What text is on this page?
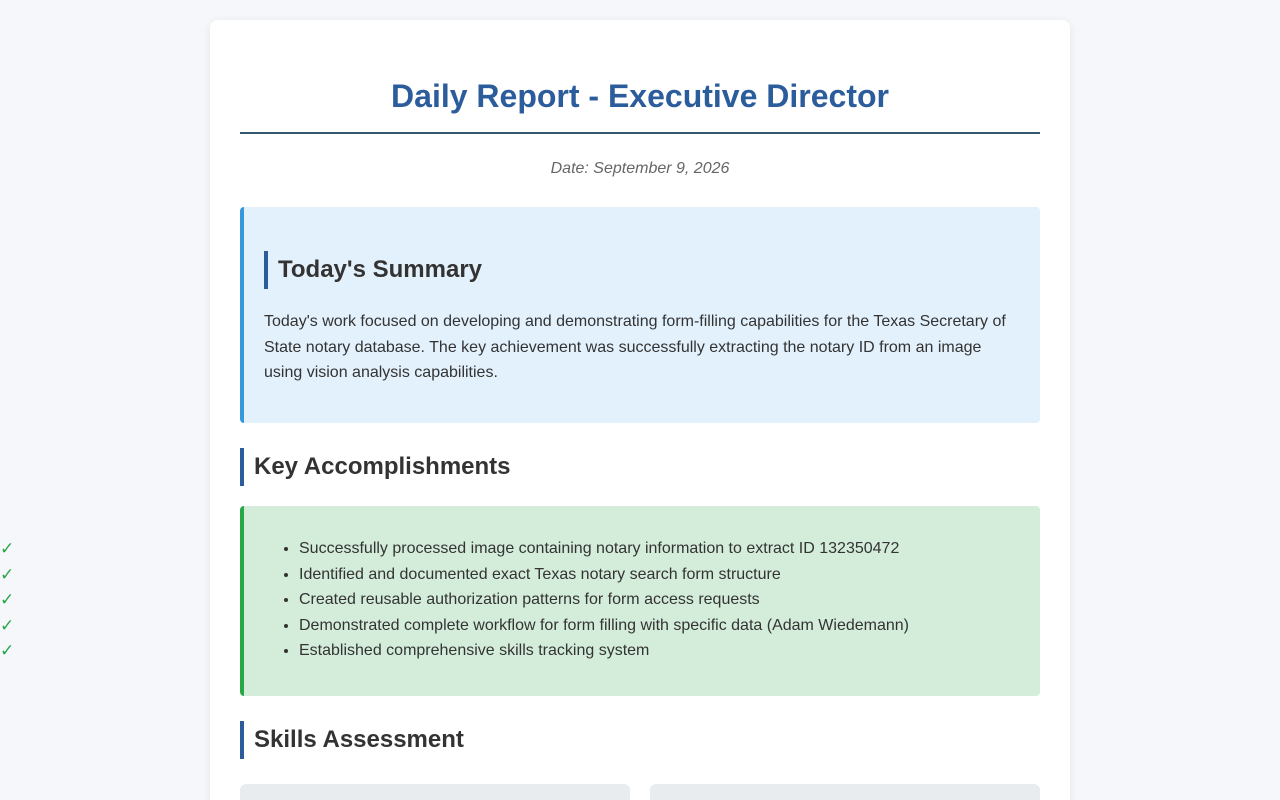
✓
✓
✓
✓
✓
Daily Report - Executive Director
Date: September 9, 2026
Today's Summary

Today's work focused on developing and demonstrating form-filling capabilities for the Texas Secretary of State notary database. The key achievement was successfully extracting the notary ID from an image using vision analysis capabilities.

Key Accomplishments
• Successfully processed image containing notary information to extract ID 132350472
• Identified and documented exact Texas notary search form structure
• Created reusable authorization patterns for form access requests
• Demonstrated complete workflow for form filling with specific data (Adam Wiedemann)
• Established comprehensive skills tracking system
Skills Assessment
